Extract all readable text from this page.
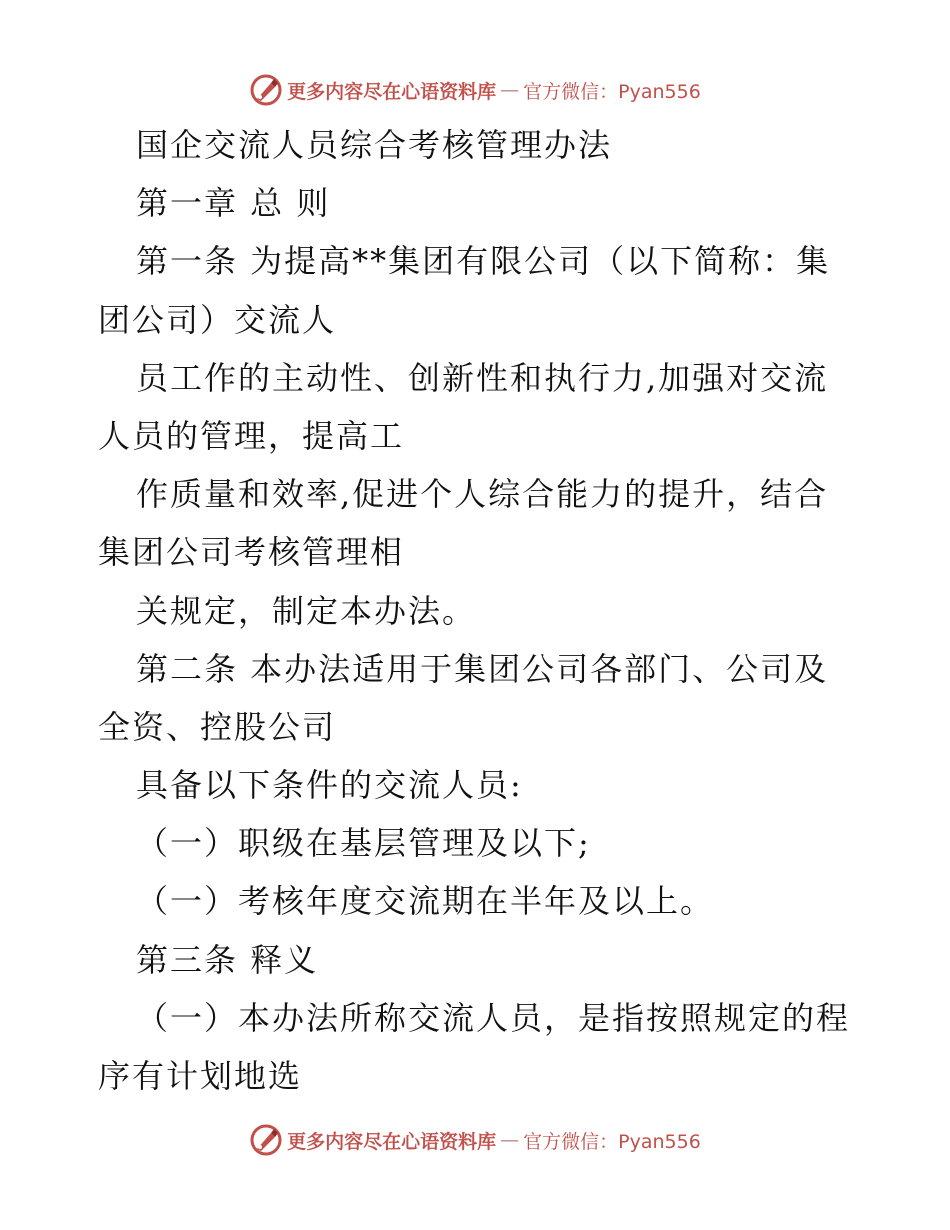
更多内容尽在心语资料库 — 官方微信：Pyan556
国企交流人员综合考核管理办法
第一章 总 则
第一条 为提高**集团有限公司（以下简称：集
团公司）交流人
员工作的主动性、创新性和执行力,加强对交流
人员的管理，提高工
作质量和效率,促进个人综合能力的提升，结合
集团公司考核管理相
关规定，制定本办法。
第二条 本办法适用于集团公司各部门、公司及
全资、控股公司
具备以下条件的交流人员:
（一）职级在基层管理及以下;
（一）考核年度交流期在半年及以上。
第三条 释义
（一）本办法所称交流人员，是指按照规定的程
序有计划地选
更多内容尽在心语资料库 — 官方微信：Pyan556
